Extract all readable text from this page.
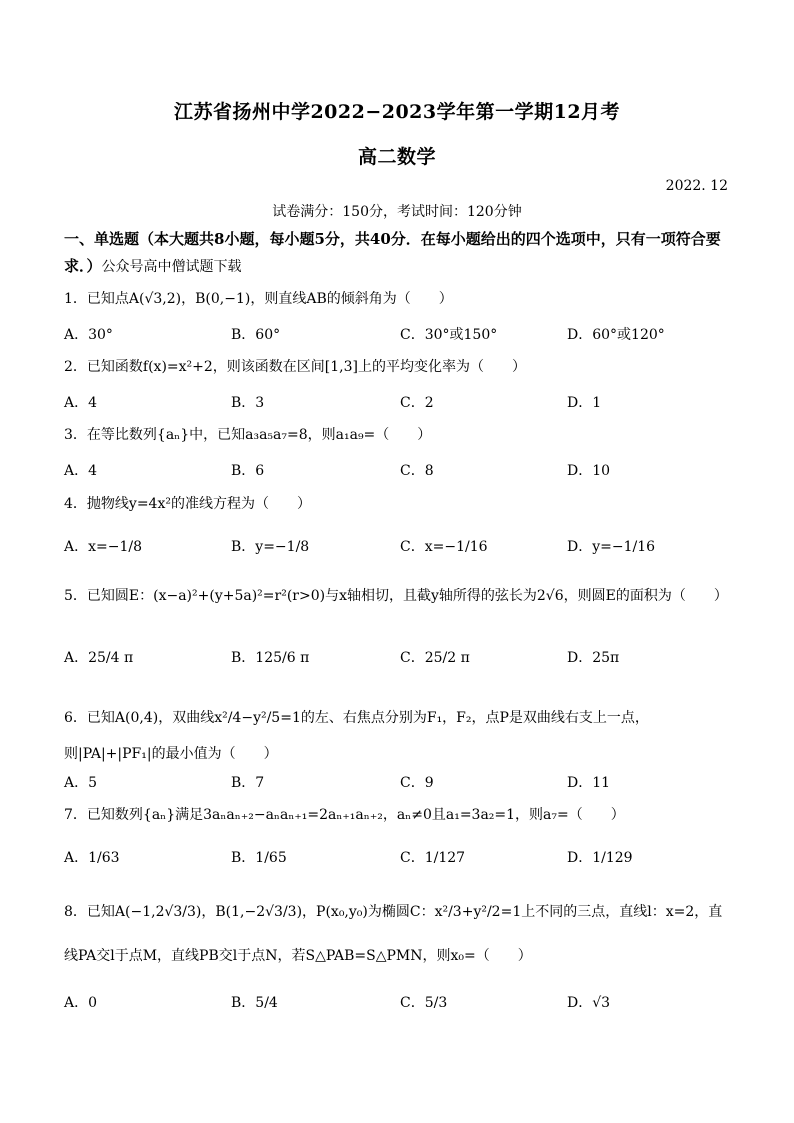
江苏省扬州中学2022−2023学年第一学期12月考
高二数学
2022. 12
试卷满分：150分，考试时间：120分钟
一、单选题（本大题共8小题，每小题5分，共40分．在每小题给出的四个选项中，只有一项符合要求．）公众号高中僧试题下载
1．已知点A(√3,2)，B(0,−1)，则直线AB的倾斜角为（　　）
A．30°	B．60°	C．30°或150°	D．60°或120°
2．已知函数f(x)=x²+2，则该函数在区间[1,3]上的平均变化率为（　　）
A．4	B．3	C．2	D．1
3．在等比数列{aₙ}中，已知a₃a₅a₇=8，则a₁a₉=（　　）
A．4	B．6	C．8	D．10
4．抛物线y=4x²的准线方程为（　　）
A．x=−1/8	B．y=−1/8	C．x=−1/16	D．y=−1/16
5．已知圆E：(x−a)²+(y+5a)²=r²(r>0)与x轴相切，且截y轴所得的弦长为2√6，则圆E的面积为（　　）
A．25/4 π	B．125/6 π	C．25/2 π	D．25π
6．已知A(0,4)，双曲线x²/4−y²/5=1的左、右焦点分别为F₁，F₂，点P是双曲线右支上一点，则|PA|+|PF₁|的最小值为（　　）
A．5	B．7	C．9	D．11
7．已知数列{aₙ}满足3aₙaₙ₊₂−aₙaₙ₊₁=2aₙ₊₁aₙ₊₂，aₙ≠0且a₁=3a₂=1，则a₇=（　　）
A．1/63	B．1/65	C．1/127	D．1/129
8．已知A(−1,2√3/3)，B(1,−2√3/3)，P(x₀,y₀)为椭圆C：x²/3+y²/2=1上不同的三点，直线l：x=2，直线PA交l于点M，直线PB交l于点N，若S△PAB=S△PMN，则x₀=（　　）
A．0	B．5/4	C．5/3	D．√3
